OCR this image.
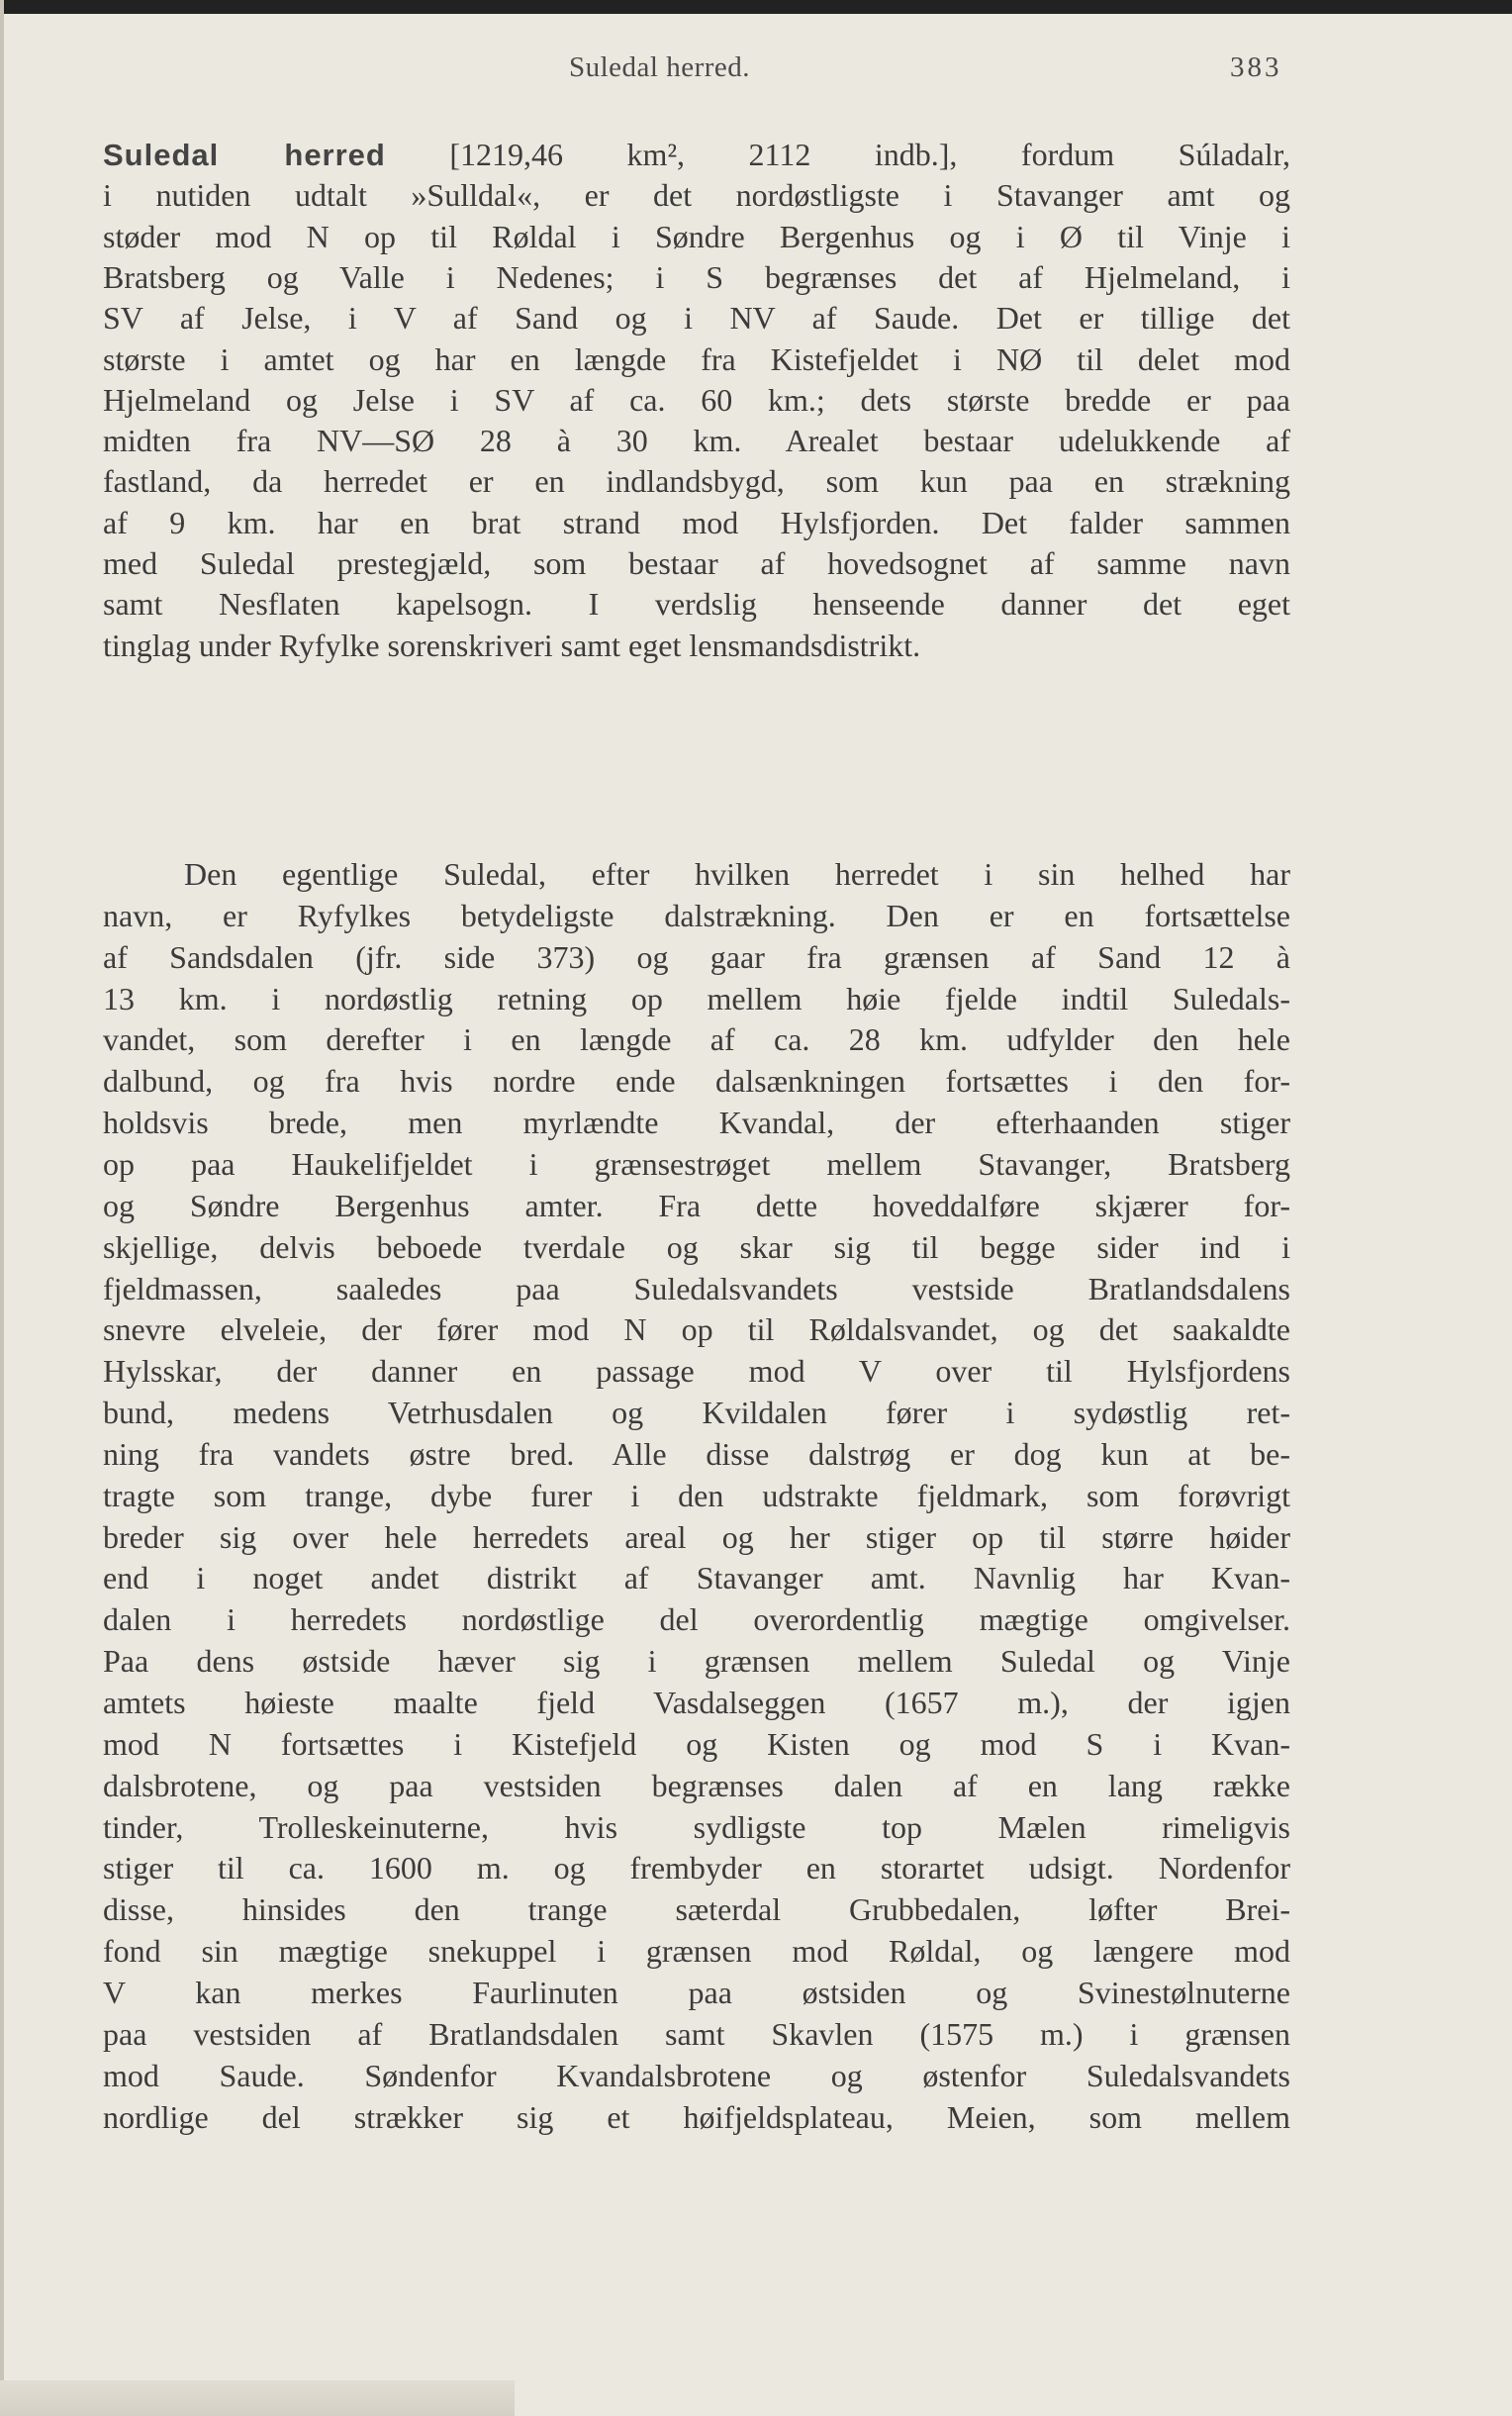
Suledal herred.	383
Suledal herred [1219,46 km², 2112 indb.], fordum Súladalr,
i nutiden udtalt »Sulldal«, er det nordøstligste i Stavanger amt og
støder mod N op til Røldal i Søndre Bergenhus og i Ø til Vinje i
Bratsberg og Valle i Nedenes; i S begrænses det af Hjelmeland, i
SV af Jelse, i V af Sand og i NV af Saude. Det er tillige det
største i amtet og har en længde fra Kistefjeldet i NØ til delet mod
Hjelmeland og Jelse i SV af ca. 60 km.; dets største bredde er paa
midten fra NV—SØ 28 à 30 km. Arealet bestaar udelukkende af
fastland, da herredet er en indlandsbygd, som kun paa en strækning
af 9 km. har en brat strand mod Hylsfjorden. Det falder sammen
med Suledal prestegjæld, som bestaar af hovedsognet af samme navn
samt Nesflaten kapelsogn. I verdslig henseende danner det eget
tinglag under Ryfylke sorenskriveri samt eget lensmandsdistrikt.
Den egentlige Suledal, efter hvilken herredet i sin helhed har
navn, er Ryfylkes betydeligste dalstrækning. Den er en fortsættelse
af Sandsdalen (jfr. side 373) og gaar fra grænsen af Sand 12 à
13 km. i nordøstlig retning op mellem høie fjelde indtil Suledals-
vandet, som derefter i en længde af ca. 28 km. udfylder den hele
dalbund, og fra hvis nordre ende dalsænkningen fortsættes i den for-
holdsvis brede, men myrlændte Kvandal, der efterhaanden stiger
op paa Haukelifjeldet i grænsestrøget mellem Stavanger, Bratsberg
og Søndre Bergenhus amter. Fra dette hoveddalføre skjærer for-
skjellige, delvis beboede tverdale og skar sig til begge sider ind i
fjeldmassen, saaledes paa Suledalsvandets vestside Bratlandsdalens
snevre elveleie, der fører mod N op til Røldalsvandet, og det saakaldte
Hylsskar, der danner en passage mod V over til Hylsfjordens
bund, medens Vetrhusdalen og Kvildalen fører i sydøstlig ret-
ning fra vandets østre bred. Alle disse dalstrøg er dog kun at be-
tragte som trange, dybe furer i den udstrakte fjeldmark, som forøvrigt
breder sig over hele herredets areal og her stiger op til større høider
end i noget andet distrikt af Stavanger amt. Navnlig har Kvan-
dalen i herredets nordøstlige del overordentlig mægtige omgivelser.
Paa dens østside hæver sig i grænsen mellem Suledal og Vinje
amtets høieste maalte fjeld Vasdalseggen (1657 m.), der igjen
mod N fortsættes i Kistefjeld og Kisten og mod S i Kvan-
dalsbrotene, og paa vestsiden begrænses dalen af en lang række
tinder, Trolleskeinuterne, hvis sydligste top Mælen rimeligvis
stiger til ca. 1600 m. og frembyder en storartet udsigt. Nordenfor
disse, hinsides den trange sæterdal Grubbedalen, løfter Brei-
fond sin mægtige snekuppel i grænsen mod Røldal, og længere mod
V kan merkes Faurlinuten paa østsiden og Svinestølnuterne
paa vestsiden af Bratlandsdalen samt Skavlen (1575 m.) i grænsen
mod Saude. Søndenfor Kvandalsbrotene og østenfor Suledalsvandets
nordlige del strækker sig et høifjeldsplateau, Meien, som mellem
